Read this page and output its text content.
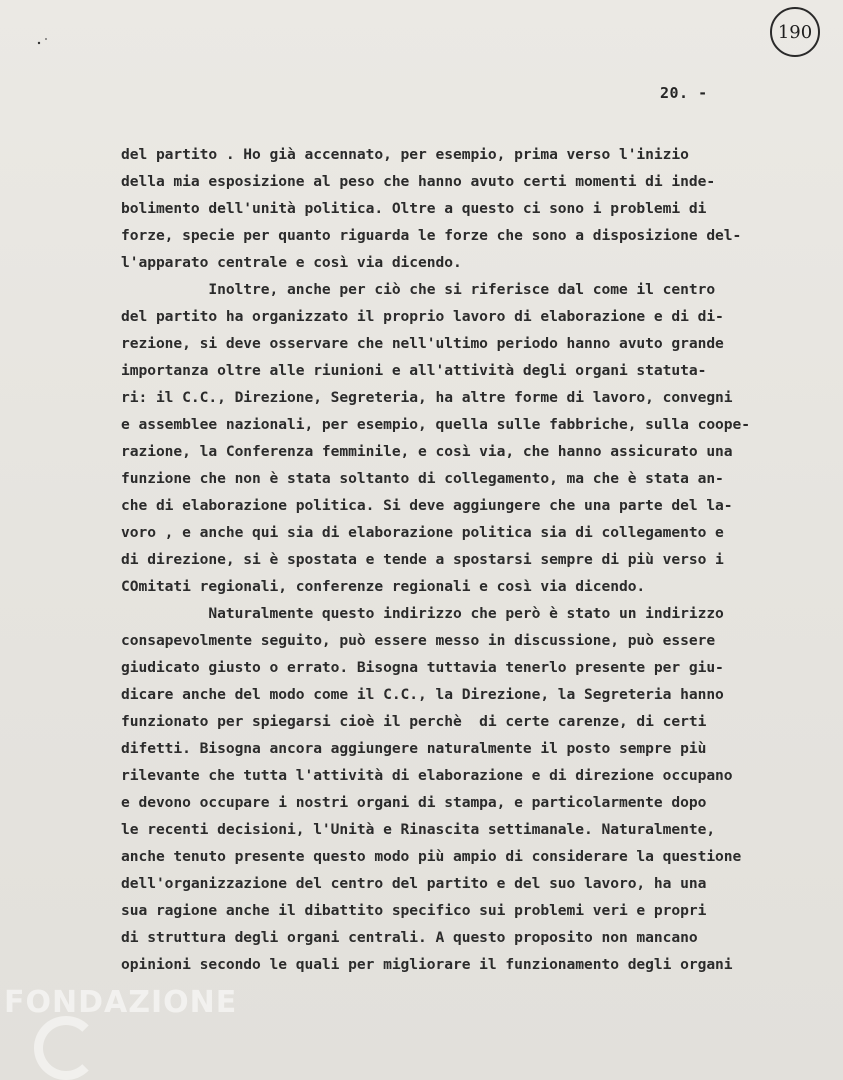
190
20. -
del partito . Ho già accennato, per esempio, prima verso l'inizio
della mia esposizione al peso che hanno avuto certi momenti di inde-
bolimento dell'unità politica. Oltre a questo ci sono i problemi di
forze, specie per quanto riguarda le forze che sono a disposizione del-
l'apparato centrale e così via dicendo.
Inoltre, anche per ciò che si riferisce dal come il centro
del partito ha organizzato il proprio lavoro di elaborazione e di di-
rezione, si deve osservare che nell'ultimo periodo hanno avuto grande
importanza oltre alle riunioni e all'attività degli organi statuta-
ri: il C.C., Direzione, Segreteria, ha altre forme di lavoro, convegni
e assemblee nazionali, per esempio, quella sulle fabbriche, sulla coope-
razione, la Conferenza femminile, e così via, che hanno assicurato una
funzione che non è stata soltanto di collegamento, ma che è stata an-
che di elaborazione politica. Si deve aggiungere che una parte del la-
voro , e anche qui sia di elaborazione politica sia di collegamento e
di direzione, si è spostata e tende a spostarsi sempre di più verso i
COmitati regionali, conferenze regionali e così via dicendo.
Naturalmente questo indirizzo che però è stato un indirizzo
consapevolmente seguito, può essere messo in discussione, può essere
giudicato giusto o errato. Bisogna tuttavia tenerlo presente per giu-
dicare anche del modo come il C.C., la Direzione, la Segreteria hanno
funzionato per spiegarsi cioè il perchè  di certe carenze, di certi
difetti. Bisogna ancora aggiungere naturalmente il posto sempre più
rilevante che tutta l'attività di elaborazione e di direzione occupano
e devono occupare i nostri organi di stampa, e particolarmente dopo
le recenti decisioni, l'Unità e Rinascita settimanale. Naturalmente,
anche tenuto presente questo modo più ampio di considerare la questione
dell'organizzazione del centro del partito e del suo lavoro, ha una
sua ragione anche il dibattito specifico sui problemi veri e propri
di struttura degli organi centrali. A questo proposito non mancano
opinioni secondo le quali per migliorare il funzionamento degli organi
FONDAZIONE
